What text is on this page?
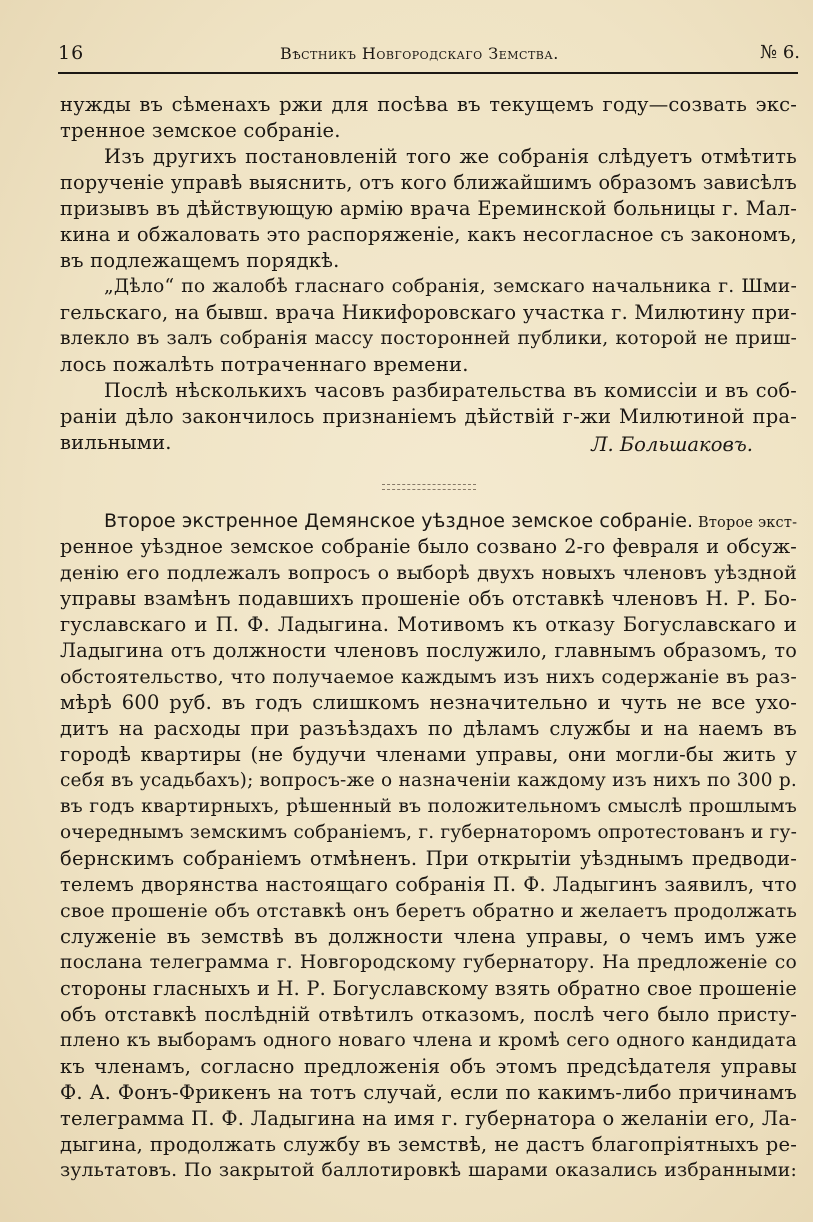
16	Вѣстникъ Новгородскаго Земства.	№ 6.
нужды въ сѣменахъ ржи для посѣва въ текущемъ году—созвать экс-
тренное земское собраніе.
Изъ другихъ постановленій того же собранія слѣдуетъ отмѣтить
порученіе управѣ выяснить, отъ кого ближайшимъ образомъ зависѣлъ
призывъ въ дѣйствующую армію врача Ереминской больницы г. Мал-
кина и обжаловать это распоряженіе, какъ несогласное съ закономъ,
въ подлежащемъ порядкѣ.
„Дѣло“ по жалобѣ гласнаго собранія, земскаго начальника г. Шми-
гельскаго, на бывш. врача Никифоровскаго участка г. Милютину при-
влекло въ залъ собранія массу посторонней публики, которой не приш-
лось пожалѣть потраченнаго времени.
Послѣ нѣсколькихъ часовъ разбирательства въ комиссіи и въ соб-
раніи дѣло закончилось признаніемъ дѣйствій г-жи Милютиной пра-
вильными.	Л. Большаковъ.
Второе экстренное Демянское уѣздное земское собраніе. Второе экст-
ренное уѣздное земское собраніе было созвано 2-го февраля и обсуж-
денію его подлежалъ вопросъ о выборѣ двухъ новыхъ членовъ уѣздной
управы взамѣнъ подавшихъ прошеніе объ отставкѣ членовъ Н. Р. Бо-
гуславскаго и П. Ф. Ладыгина. Мотивомъ къ отказу Богуславскаго и
Ладыгина отъ должности членовъ послужило, главнымъ образомъ, то
обстоятельство, что получаемое каждымъ изъ нихъ содержаніе въ раз-
мѣрѣ 600 руб. въ годъ слишкомъ незначительно и чуть не все ухо-
дитъ на расходы при разъѣздахъ по дѣламъ службы и на наемъ въ
городѣ квартиры (не будучи членами управы, они могли-бы жить у
себя въ усадьбахъ); вопросъ-же о назначеніи каждому изъ нихъ по 300 р.
въ годъ квартирныхъ, рѣшенный въ положительномъ смыслѣ прошлымъ
очереднымъ земскимъ собраніемъ, г. губернаторомъ опротестованъ и гу-
бернскимъ собраніемъ отмѣненъ. При открытіи уѣзднымъ предводи-
телемъ дворянства настоящаго собранія П. Ф. Ладыгинъ заявилъ, что
свое прошеніе объ отставкѣ онъ беретъ обратно и желаетъ продолжать
служеніе въ земствѣ въ должности члена управы, о чемъ имъ уже
послана телеграмма г. Новгородскому губернатору. На предложеніе со
стороны гласныхъ и Н. Р. Богуславскому взять обратно свое прошеніе
объ отставкѣ послѣдній отвѣтилъ отказомъ, послѣ чего было присту-
плено къ выборамъ одного новаго члена и кромѣ сего одного кандидата
къ членамъ, согласно предложенія объ этомъ предсѣдателя управы
Ф. А. Фонъ-Фрикенъ на тотъ случай, если по какимъ-либо причинамъ
телеграмма П. Ф. Ладыгина на имя г. губернатора о желаніи его, Ла-
дыгина, продолжать службу въ земствѣ, не дастъ благопріятныхъ ре-
зультатовъ. По закрытой баллотировкѣ шарами оказались избранными:
